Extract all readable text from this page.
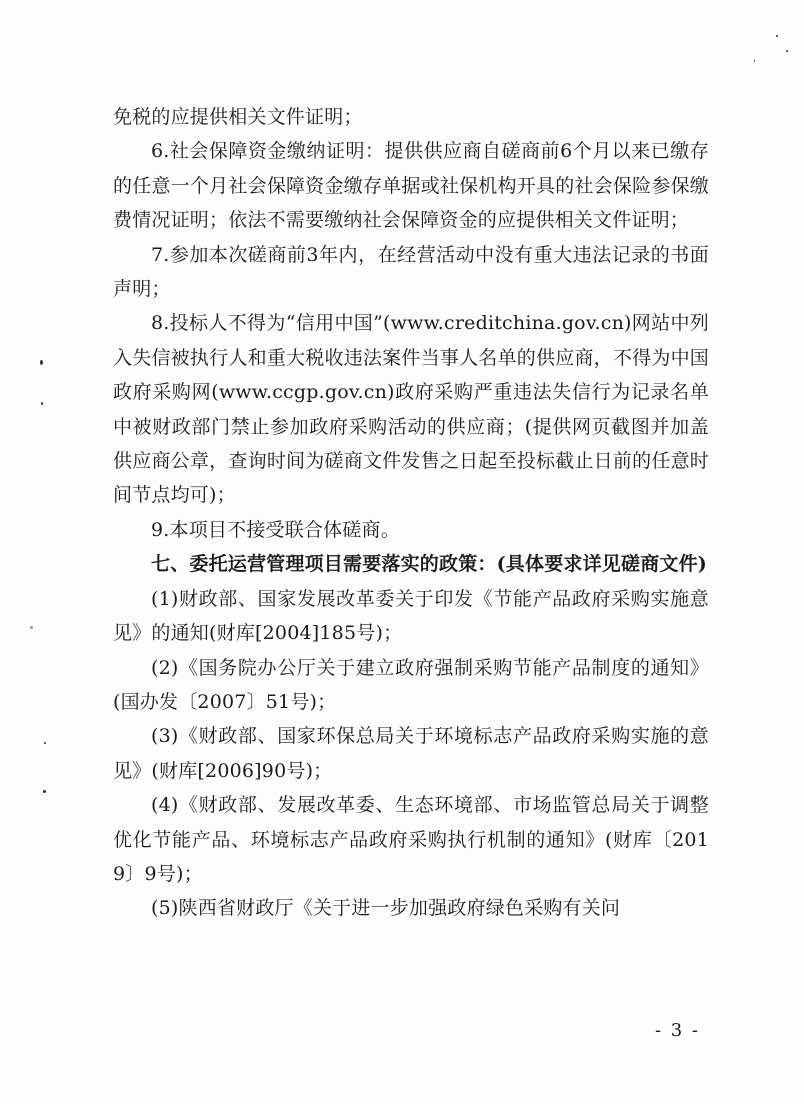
免税的应提供相关文件证明；

6.社会保障资金缴纳证明：提供供应商自磋商前6个月以来已缴存的任意一个月社会保障资金缴存单据或社保机构开具的社会保险参保缴费情况证明；依法不需要缴纳社会保障资金的应提供相关文件证明；

7.参加本次磋商前3年内，在经营活动中没有重大违法记录的书面声明；

8.投标人不得为“信用中国”(www.creditchina.gov.cn)网站中列入失信被执行人和重大税收违法案件当事人名单的供应商，不得为中国政府采购网(www.ccgp.gov.cn)政府采购严重违法失信行为记录名单中被财政部门禁止参加政府采购活动的供应商；(提供网页截图并加盖供应商公章，查询时间为磋商文件发售之日起至投标截止日前的任意时间节点均可)；

9.本项目不接受联合体磋商。

七、委托运营管理项目需要落实的政策：(具体要求详见磋商文件)

(1)财政部、国家发展改革委关于印发《节能产品政府采购实施意见》的通知(财库[2004]185号)；

(2)《国务院办公厅关于建立政府强制采购节能产品制度的通知》(国办发〔2007〕51号)；

(3)《财政部、国家环保总局关于环境标志产品政府采购实施的意见》(财库[2006]90号)；

(4)《财政部、发展改革委、生态环境部、市场监管总局关于调整优化节能产品、环境标志产品政府采购执行机制的通知》(财库〔2019〕9号)；

(5)陕西省财政厅《关于进一步加强政府绿色采购有关问

- 3 -
